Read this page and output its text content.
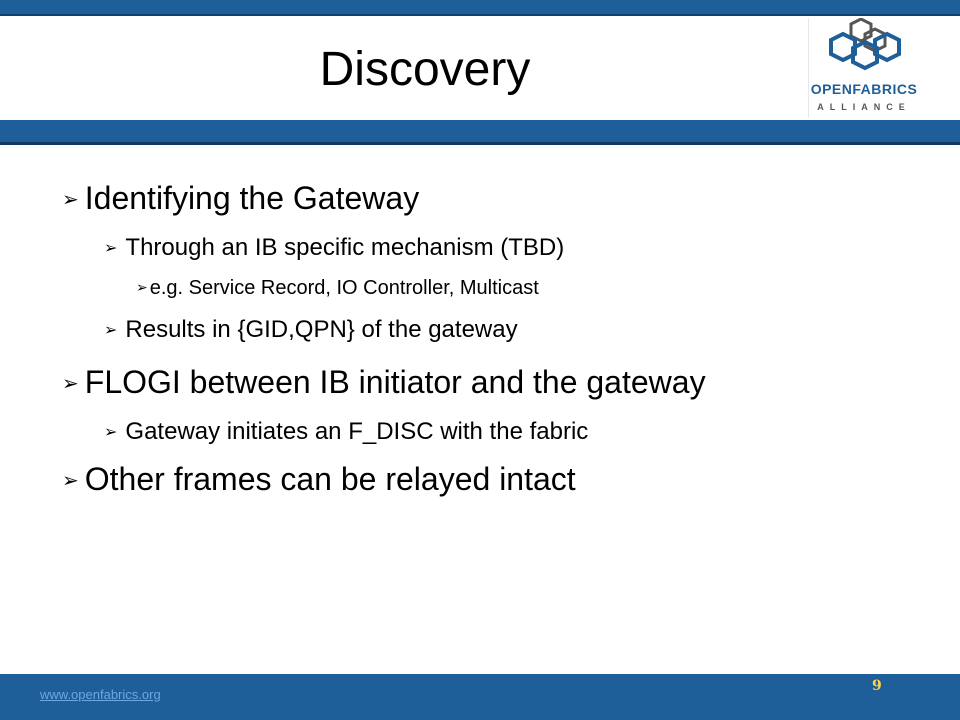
Discovery	OPENFABRICS
ALLIANCE
➢ Identifying the Gateway
➢ Through an IB specific mechanism (TBD)
➢ e.g. Service Record, IO Controller, Multicast
➢ Results in {GID,QPN} of the gateway
➢ FLOGI between IB initiator and the gateway
➢ Gateway initiates an F_DISC with the fabric
➢ Other frames can be relayed intact
www.openfabrics.org
9
